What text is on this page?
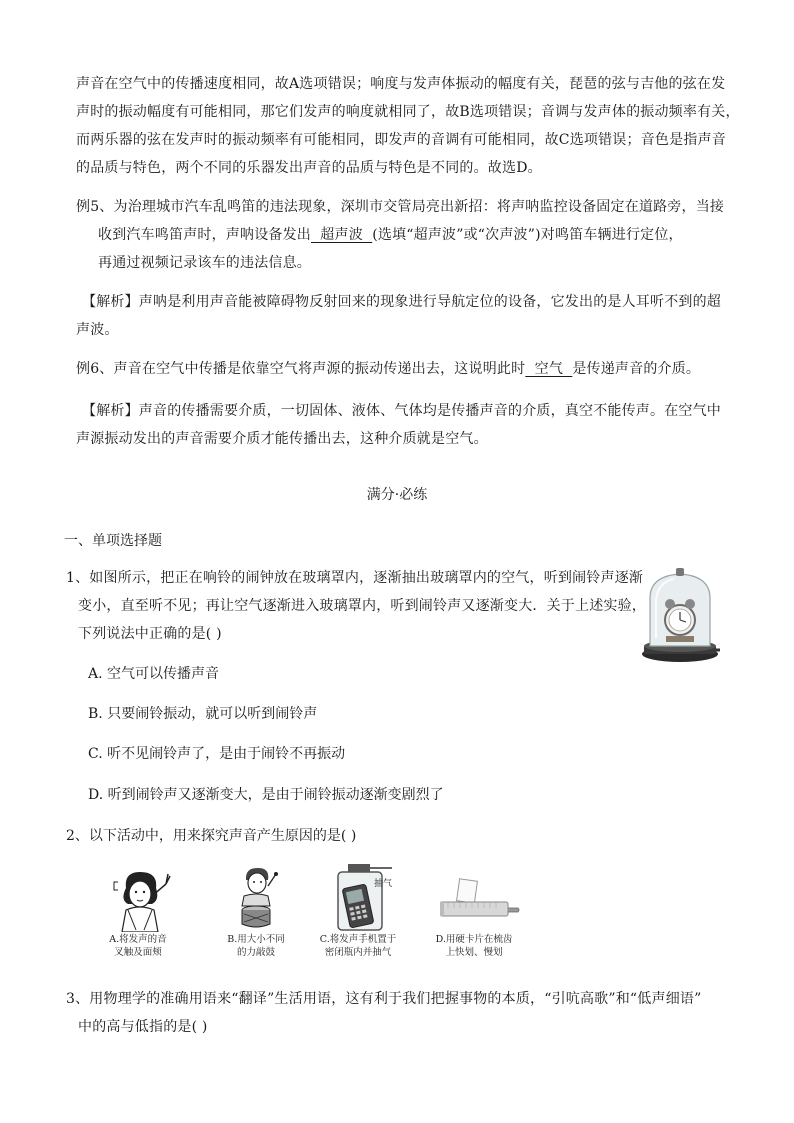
声音在空气中的传播速度相同，故A选项错误；响度与发声体振动的幅度有关，琵琶的弦与吉他的弦在发
声时的振动幅度有可能相同，那它们发声的响度就相同了，故B选项错误；音调与发声体的振动频率有关，
而两乐器的弦在发声时的振动频率有可能相同，即发声的音调有可能相同，故C选项错误；音色是指声音
的品质与特色，两个不同的乐器发出声音的品质与特色是不同的。故选D。
例5、为治理城市汽车乱鸣笛的违法现象，深圳市交管局亮出新招：将声呐监控设备固定在道路旁，当接
收到汽车鸣笛声时，声呐设备发出  超声波  (选填“超声波”或“次声波”)对鸣笛车辆进行定位，
再通过视频记录该车的违法信息。
【解析】声呐是利用声音能被障碍物反射回来的现象进行导航定位的设备，它发出的是人耳听不到的超
声波。
例6、声音在空气中传播是依靠空气将声源的振动传递出去，这说明此时  空气  是传递声音的介质。
【解析】声音的传播需要介质，一切固体、液体、气体均是传播声音的介质，真空不能传声。在空气中
声源振动发出的声音需要介质才能传播出去，这种介质就是空气。
满分·必练
一、单项选择题
1、如图所示，把正在响铃的闹钟放在玻璃罩内，逐渐抽出玻璃罩内的空气，听到闹铃声逐渐
变小，直至听不见；再让空气逐渐进入玻璃罩内，听到闹铃声又逐渐变大．关于上述实验，
下列说法中正确的是( )
A. 空气可以传播声音
B. 只要闹铃振动，就可以听到闹铃声
C. 听不见闹铃声了，是由于闹铃不再振动
D. 听到闹铃声又逐渐变大，是由于闹铃振动逐渐变剧烈了
2、以下活动中，用来探究声音产生原因的是( )
A.将发声的音
叉触及面颊
B.用大小不同
的力敲鼓
抽气
C.将发声手机置于
密闭瓶内并抽气
D.用硬卡片在梳齿
上快划、慢划
3、用物理学的准确用语来“翻译”生活用语，这有利于我们把握事物的本质，“引吭高歌”和“低声细语”
中的高与低指的是( )
